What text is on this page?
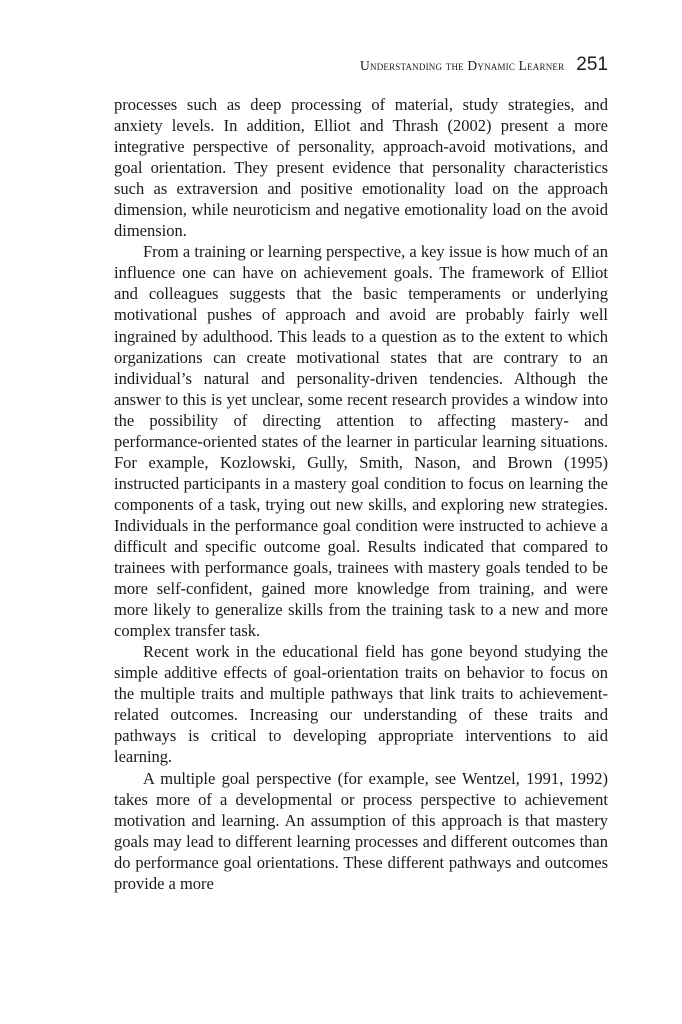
Understanding the Dynamic Learner 251

processes such as deep processing of material, study strategies, and anxiety levels. In addition, Elliot and Thrash (2002) present a more integrative perspective of personality, approach-avoid motivations, and goal orientation. They present evidence that personality characteristics such as extraversion and positive emotionality load on the approach dimension, while neuroticism and negative emotionality load on the avoid dimension.

From a training or learning perspective, a key issue is how much of an influence one can have on achievement goals. The framework of Elliot and colleagues suggests that the basic temperaments or underlying motivational pushes of approach and avoid are probably fairly well ingrained by adulthood. This leads to a question as to the extent to which organizations can create motivational states that are contrary to an individual’s natural and personality-driven tendencies. Although the answer to this is yet unclear, some recent research provides a window into the possibility of directing attention to affecting mastery- and performance-oriented states of the learner in particular learning situations. For example, Kozlowski, Gully, Smith, Nason, and Brown (1995) instructed participants in a mastery goal condition to focus on learning the components of a task, trying out new skills, and exploring new strategies. Individuals in the performance goal condition were instructed to achieve a difficult and specific outcome goal. Results indicated that compared to trainees with performance goals, trainees with mastery goals tended to be more self-confident, gained more knowledge from training, and were more likely to generalize skills from the training task to a new and more complex transfer task.

Recent work in the educational field has gone beyond studying the simple additive effects of goal-orientation traits on behavior to focus on the multiple traits and multiple pathways that link traits to achievement-related outcomes. Increasing our understanding of these traits and pathways is critical to developing appropriate interventions to aid learning.

A multiple goal perspective (for example, see Wentzel, 1991, 1992) takes more of a developmental or process perspective to achievement motivation and learning. An assumption of this approach is that mastery goals may lead to different learning processes and different outcomes than do performance goal orientations. These different pathways and outcomes provide a more
